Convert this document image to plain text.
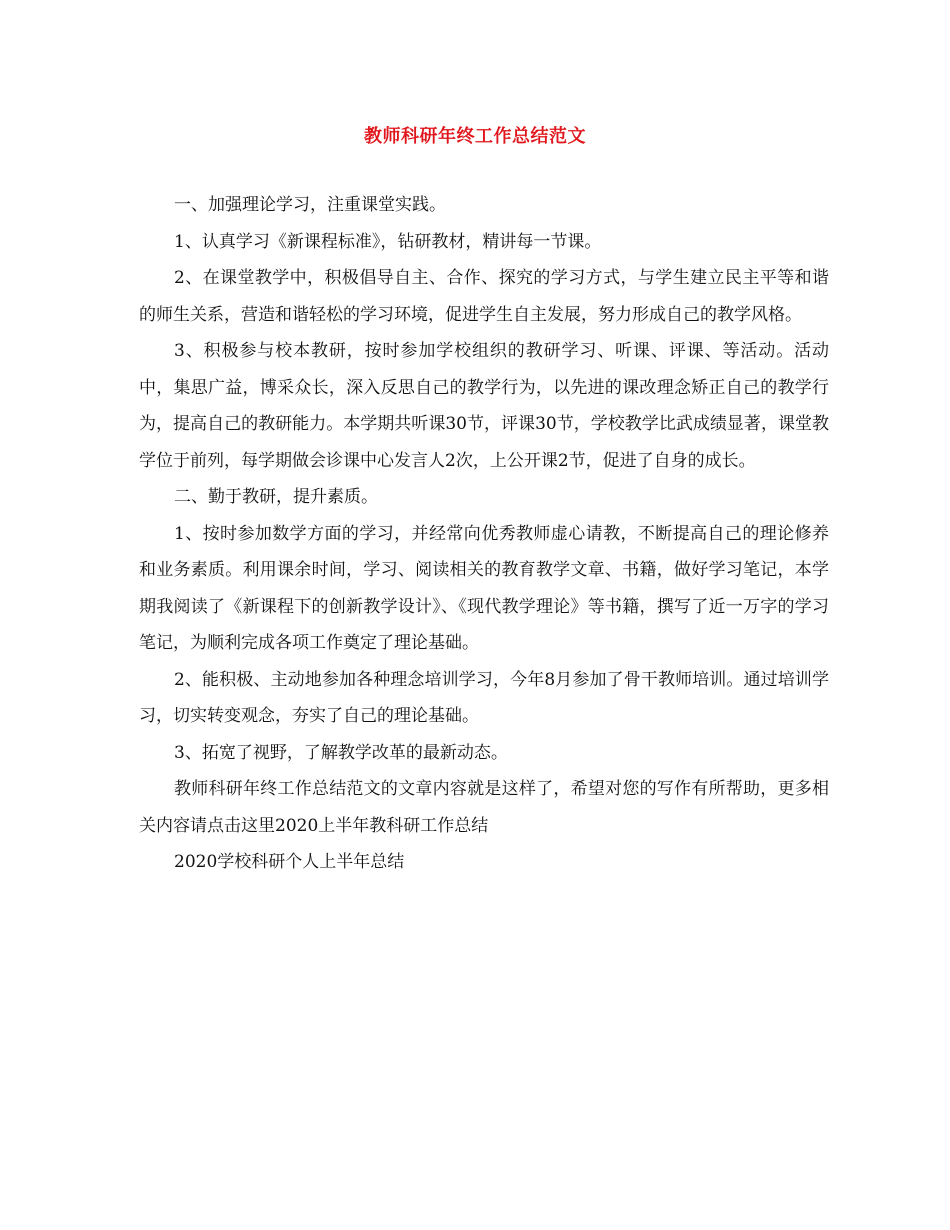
教师科研年终工作总结范文

一、加强理论学习，注重课堂实践。

1、认真学习《新课程标准》，钻研教材，精讲每一节课。

2、在课堂教学中，积极倡导自主、合作、探究的学习方式，与学生建立民主平等和谐的师生关系，营造和谐轻松的学习环境，促进学生自主发展，努力形成自己的教学风格。

3、积极参与校本教研，按时参加学校组织的教研学习、听课、评课、等活动。活动中，集思广益，博采众长，深入反思自己的教学行为，以先进的课改理念矫正自己的教学行为，提高自己的教研能力。本学期共听课30节，评课30节，学校教学比武成绩显著，课堂教学位于前列，每学期做会诊课中心发言人2次，上公开课2节，促进了自身的成长。

二、勤于教研，提升素质。

1、按时参加数学方面的学习，并经常向优秀教师虚心请教，不断提高自己的理论修养和业务素质。利用课余时间，学习、阅读相关的教育教学文章、书籍，做好学习笔记，本学期我阅读了《新课程下的创新教学设计》、《现代教学理论》等书籍，撰写了近一万字的学习笔记，为顺利完成各项工作奠定了理论基础。

2、能积极、主动地参加各种理念培训学习，今年8月参加了骨干教师培训。通过培训学习，切实转变观念，夯实了自己的理论基础。

3、拓宽了视野，了解教学改革的最新动态。

教师科研年终工作总结范文的文章内容就是这样了，希望对您的写作有所帮助，更多相关内容请点击这里2020上半年教科研工作总结

2020学校科研个人上半年总结
